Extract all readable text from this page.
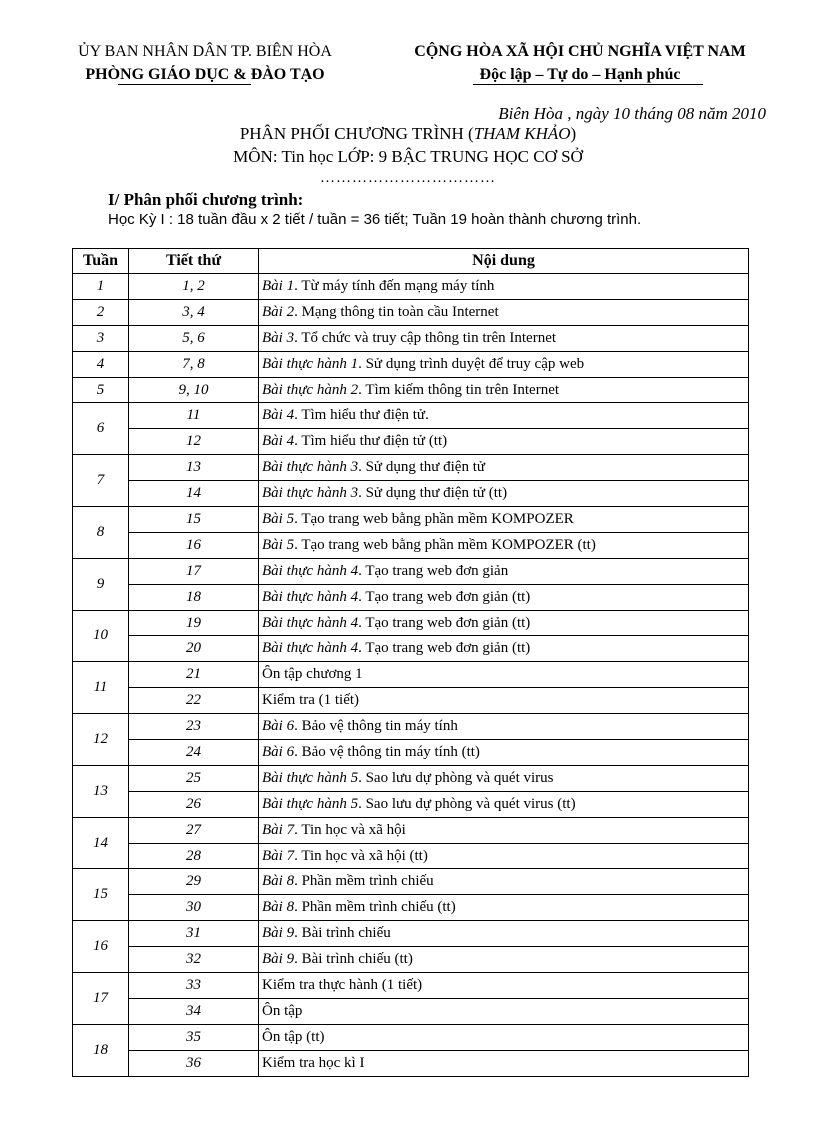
ỦY BAN NHÂN DÂN TP. BIÊN HÒA
PHÒNG GIÁO DỤC & ĐÀO TẠO
CỘNG HÒA XÃ HỘI CHỦ NGHĨA VIỆT NAM
Độc lập – Tự do – Hạnh phúc
Biên Hòa , ngày 10 tháng 08 năm 2010
PHÂN PHỐI CHƯƠNG TRÌNH (THAM KHẢO)
MÔN: Tin học LỚP: 9 BẬC TRUNG HỌC CƠ SỞ
……………………………
I/ Phân phối chương trình:
Học Kỳ I : 18 tuần đầu x 2 tiết / tuần = 36 tiết; Tuần 19 hoàn thành chương trình.
Tuần	Tiết thứ	Nội dung
1	1, 2	Bài 1. Từ máy tính đến mạng máy tính
2	3, 4	Bài 2. Mạng thông tin toàn cầu Internet
3	5, 6	Bài 3. Tổ chức và truy cập thông tin trên Internet
4	7, 8	Bài thực hành 1. Sử dụng trình duyệt để truy cập web
5	9, 10	Bài thực hành 2. Tìm kiếm thông tin trên Internet
6	11	Bài 4. Tìm hiểu thư điện tử.
	12	Bài 4. Tìm hiểu thư điện tử (tt)
7	13	Bài thực hành 3. Sử dụng thư điện tử
	14	Bài thực hành 3. Sử dụng thư điện tử (tt)
8	15	Bài 5. Tạo trang web bằng phần mềm KOMPOZER
	16	Bài 5. Tạo trang web bằng phần mềm KOMPOZER (tt)
9	17	Bài thực hành 4. Tạo trang web đơn giản
	18	Bài thực hành 4. Tạo trang web đơn giản (tt)
10	19	Bài thực hành 4. Tạo trang web đơn giản (tt)
	20	Bài thực hành 4. Tạo trang web đơn giản (tt)
11	21	Ôn tập chương 1
	22	Kiểm tra (1 tiết)
12	23	Bài 6. Bảo vệ thông tin máy tính
	24	Bài 6. Bảo vệ thông tin máy tính (tt)
13	25	Bài thực hành 5. Sao lưu dự phòng và quét virus
	26	Bài thực hành 5. Sao lưu dự phòng và quét virus (tt)
14	27	Bài 7. Tin học và xã hội
	28	Bài 7. Tin học và xã hội (tt)
15	29	Bài 8. Phần mềm trình chiếu
	30	Bài 8. Phần mềm trình chiếu (tt)
16	31	Bài 9. Bài trình chiếu
	32	Bài 9. Bài trình chiếu (tt)
17	33	Kiểm tra thực hành (1 tiết)
	34	Ôn tập
18	35	Ôn tập (tt)
	36	Kiểm tra học kì I
